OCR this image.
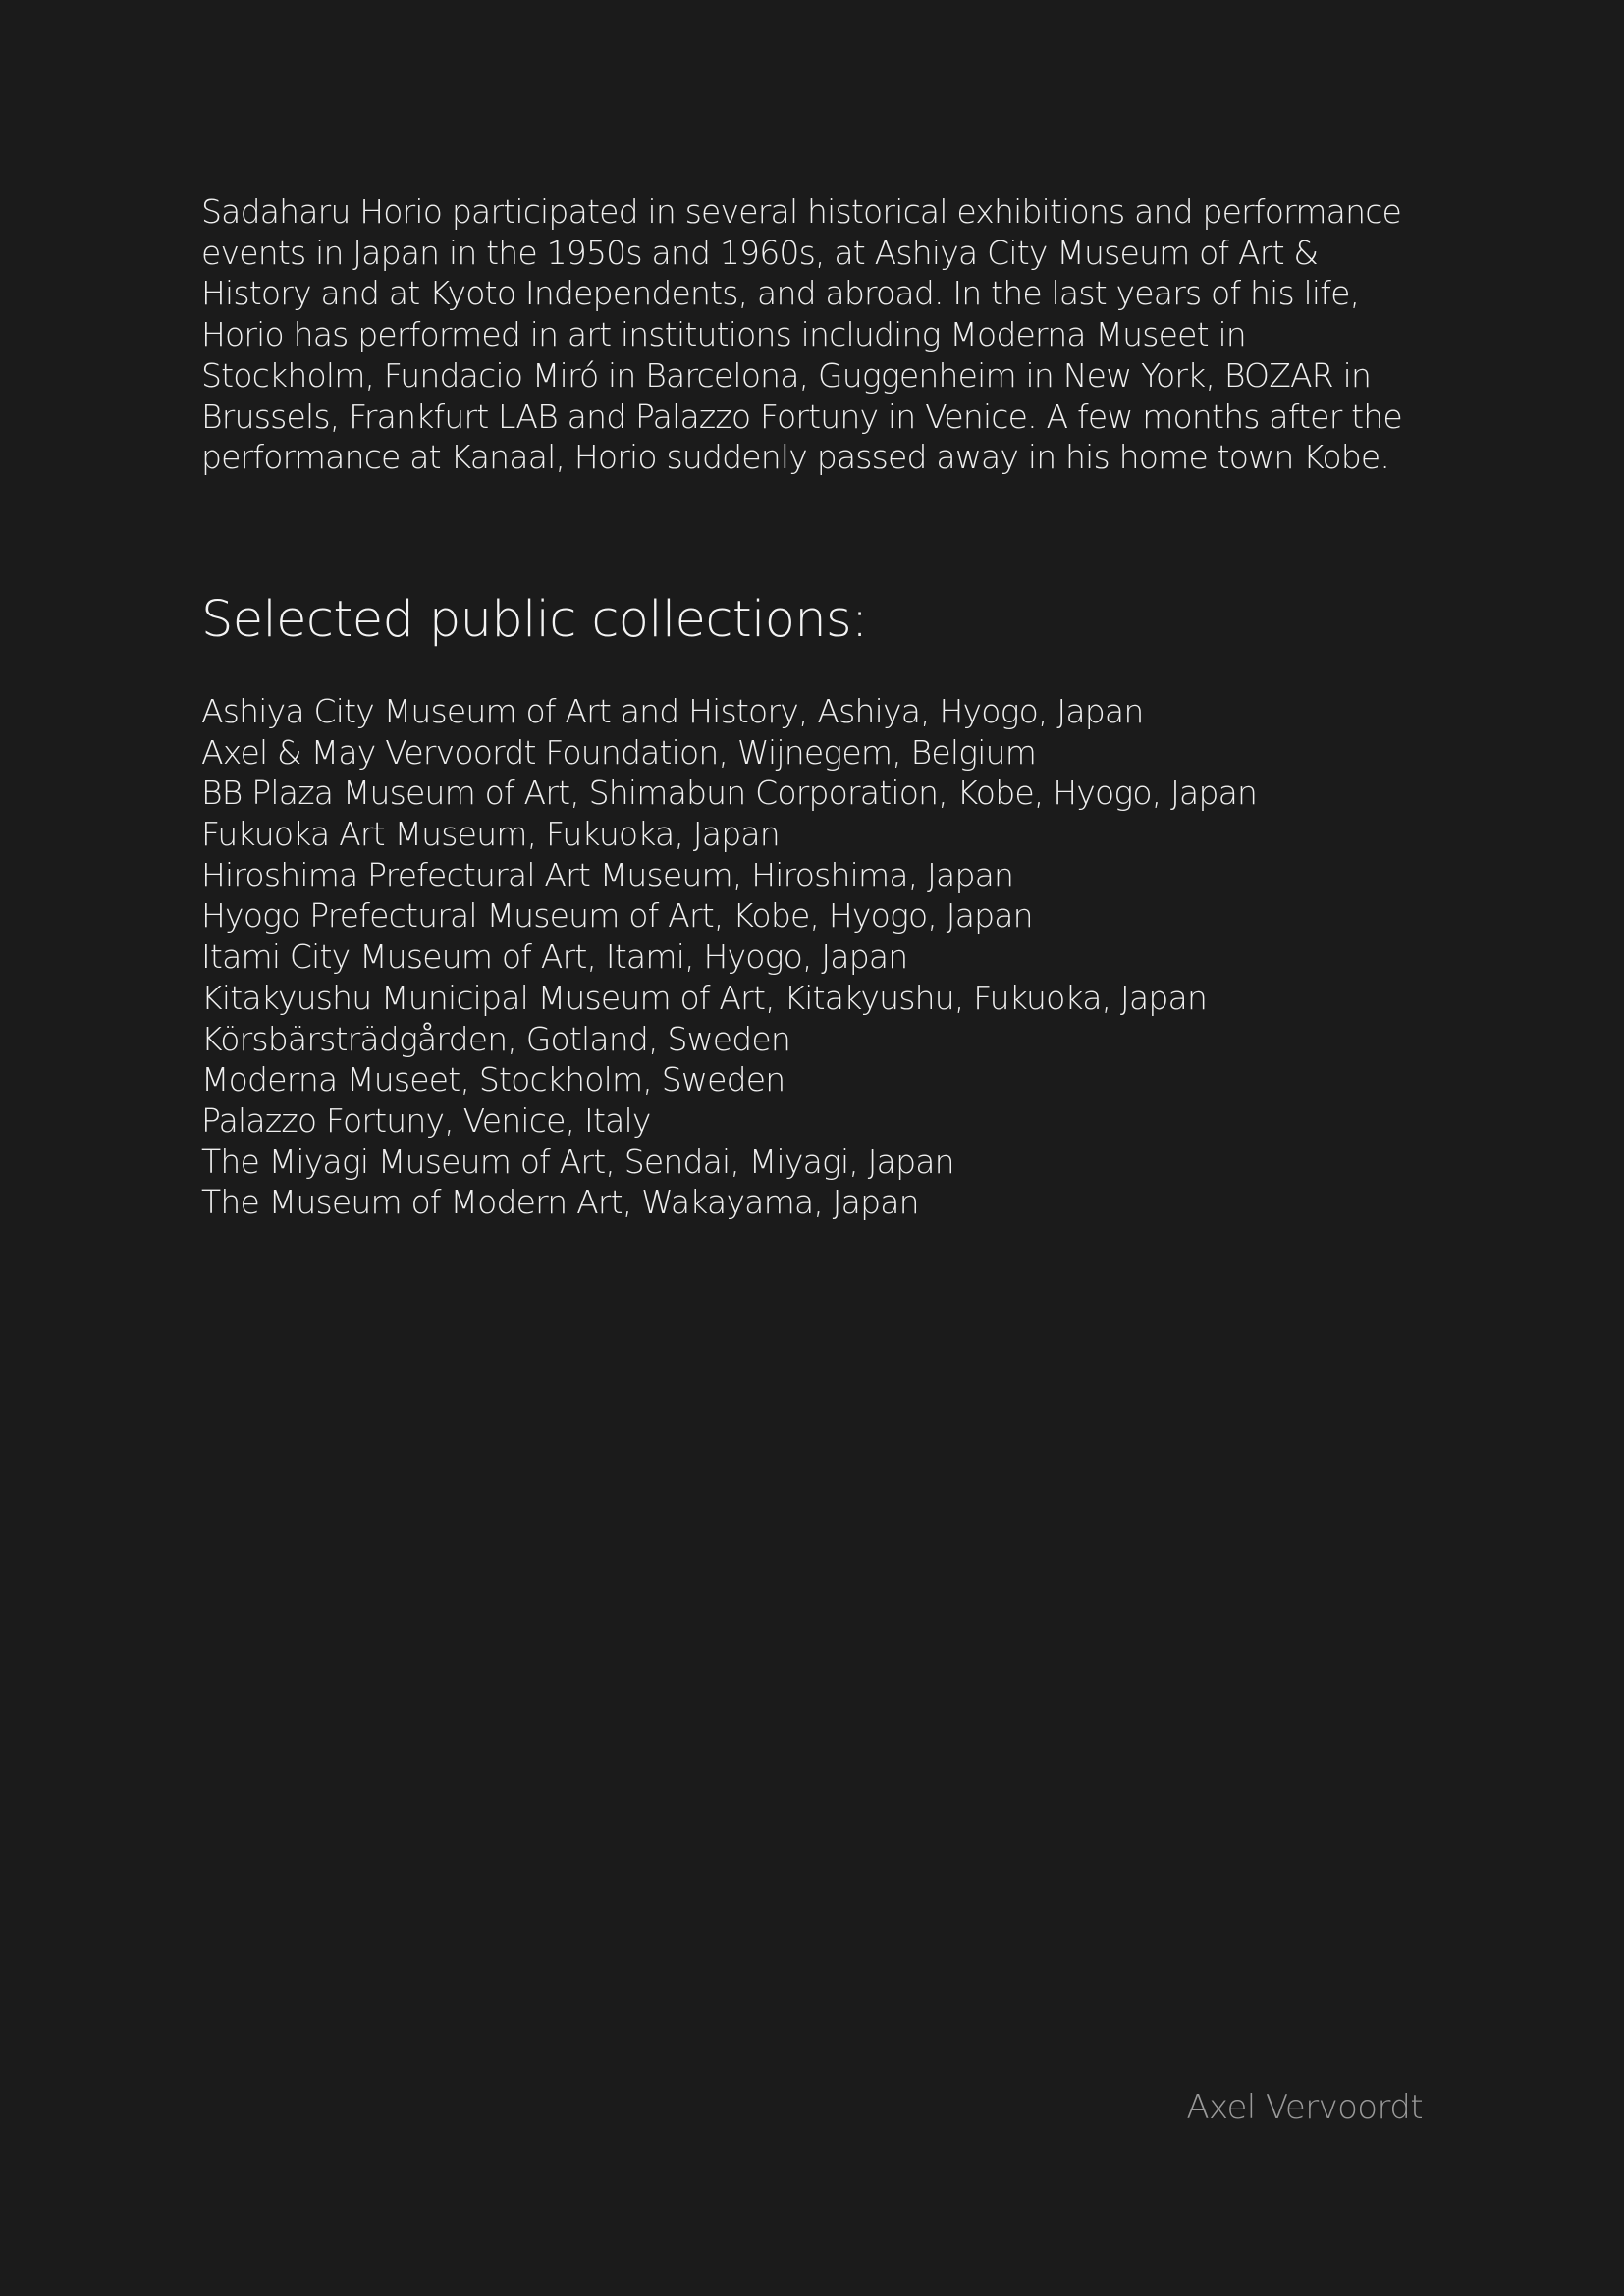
Sadaharu Horio participated in several historical exhibitions and performance events in Japan in the 1950s and 1960s, at Ashiya City Museum of Art & History and at Kyoto Independents, and abroad. In the last years of his life, Horio has performed in art institutions including Moderna Museet in Stockholm, Fundacio Miró in Barcelona, Guggenheim in New York, BOZAR in Brussels, Frankfurt LAB and Palazzo Fortuny in Venice. A few months after the performance at Kanaal, Horio suddenly passed away in his home town Kobe.

Selected public collections:
Ashiya City Museum of Art and History, Ashiya, Hyogo, Japan
Axel & May Vervoordt Foundation, Wijnegem, Belgium
BB Plaza Museum of Art, Shimabun Corporation, Kobe, Hyogo, Japan
Fukuoka Art Museum, Fukuoka, Japan
Hiroshima Prefectural Art Museum, Hiroshima, Japan
Hyogo Prefectural Museum of Art, Kobe, Hyogo, Japan
Itami City Museum of Art, Itami, Hyogo, Japan
Kitakyushu Municipal Museum of Art, Kitakyushu, Fukuoka, Japan
Körsbärsträdgården, Gotland, Sweden
Moderna Museet, Stockholm, Sweden
Palazzo Fortuny, Venice, Italy
The Miyagi Museum of Art, Sendai, Miyagi, Japan
The Museum of Modern Art, Wakayama, Japan
Axel Vervoordt
